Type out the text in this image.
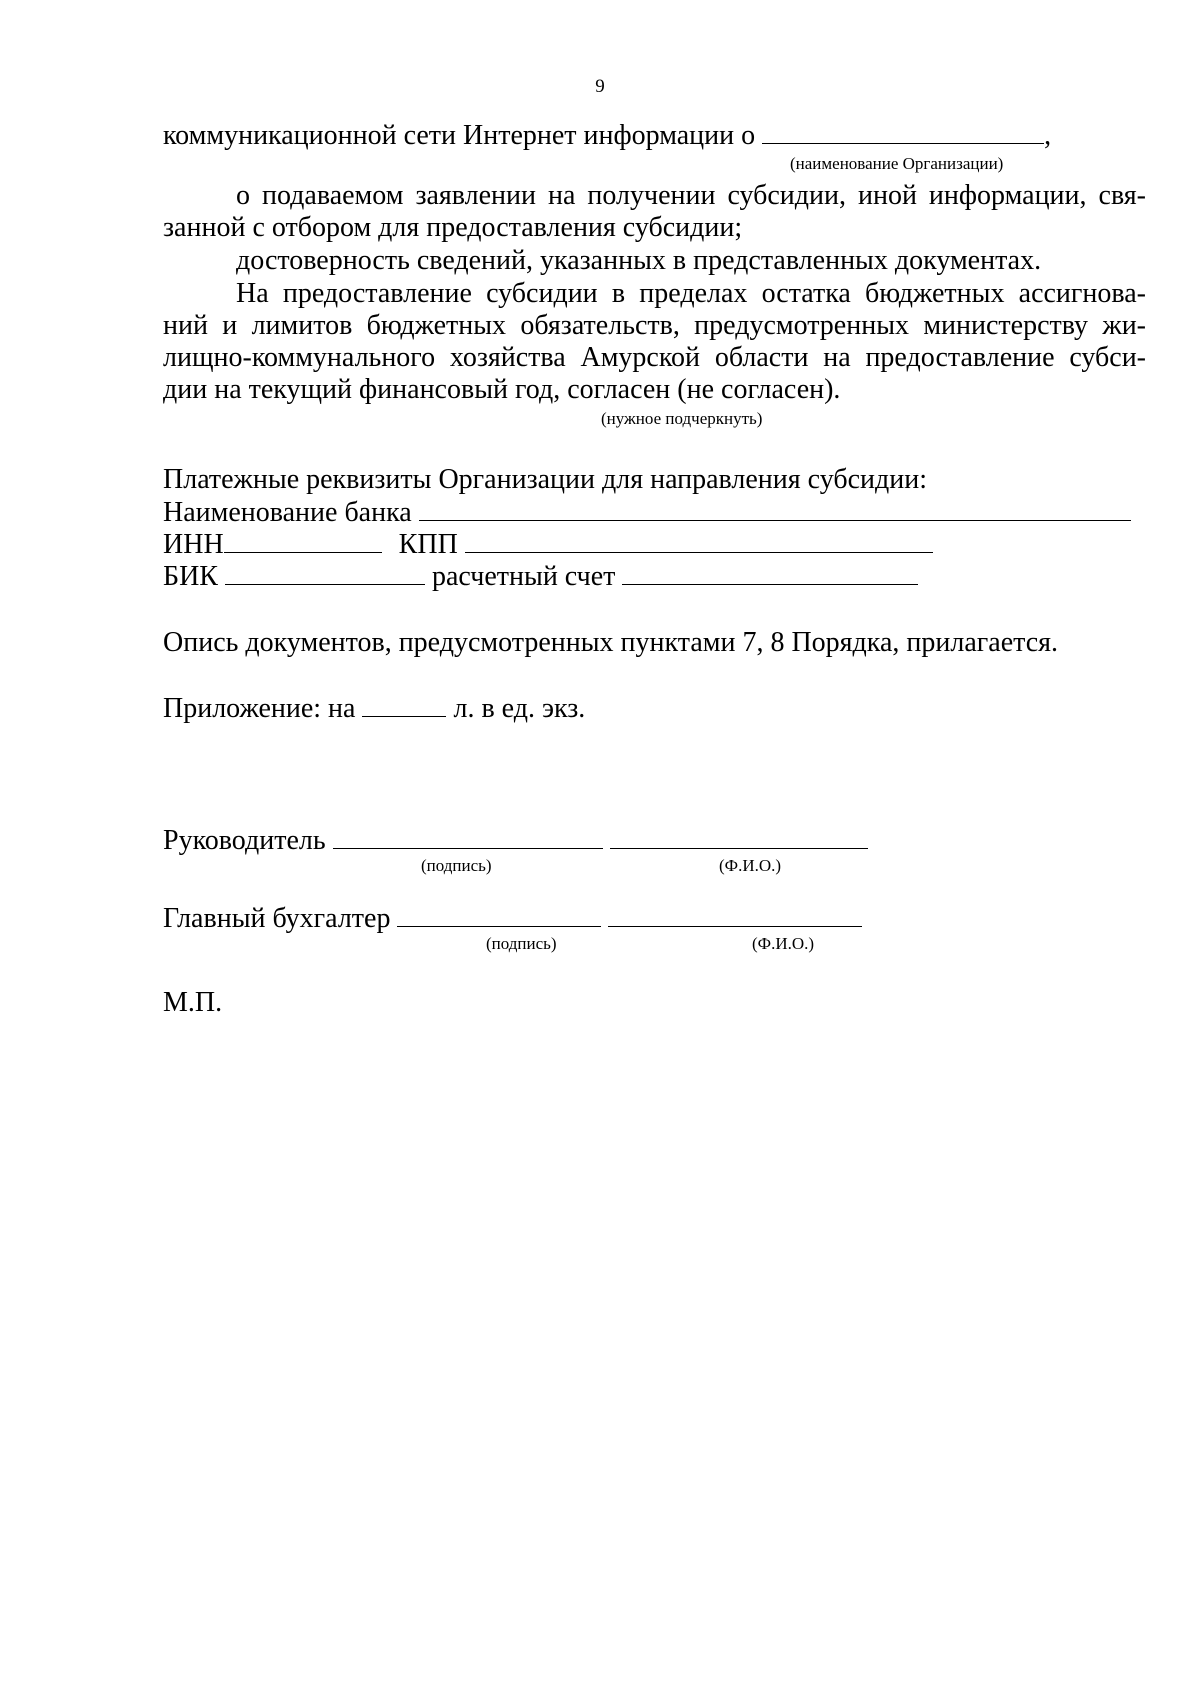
9
коммуникационной сети Интернет информации о	,
(наименование Организации)
о подаваемом заявлении на получении субсидии, иной информации, свя-
занной с отбором для предоставления субсидии;
достоверность сведений, указанных в представленных документах.
На предоставление субсидии в пределах остатка бюджетных ассигнова-
ний и лимитов бюджетных обязательств, предусмотренных министерству жи-
лищно-коммунального хозяйства Амурской области на предоставление субси-
дии на текущий финансовый год, согласен (не согласен).
(нужное подчеркнуть)
Платежные реквизиты Организации для направления субсидии:
Наименование банка
ИНН	КПП
БИК	расчетный счет
Опись документов, предусмотренных пунктами 7, 8 Порядка, прилагается.
Приложение: на	л. в ед. экз.
Руководитель
(подпись)	(Ф.И.О.)
Главный бухгалтер
(подпись)	(Ф.И.О.)
М.П.
